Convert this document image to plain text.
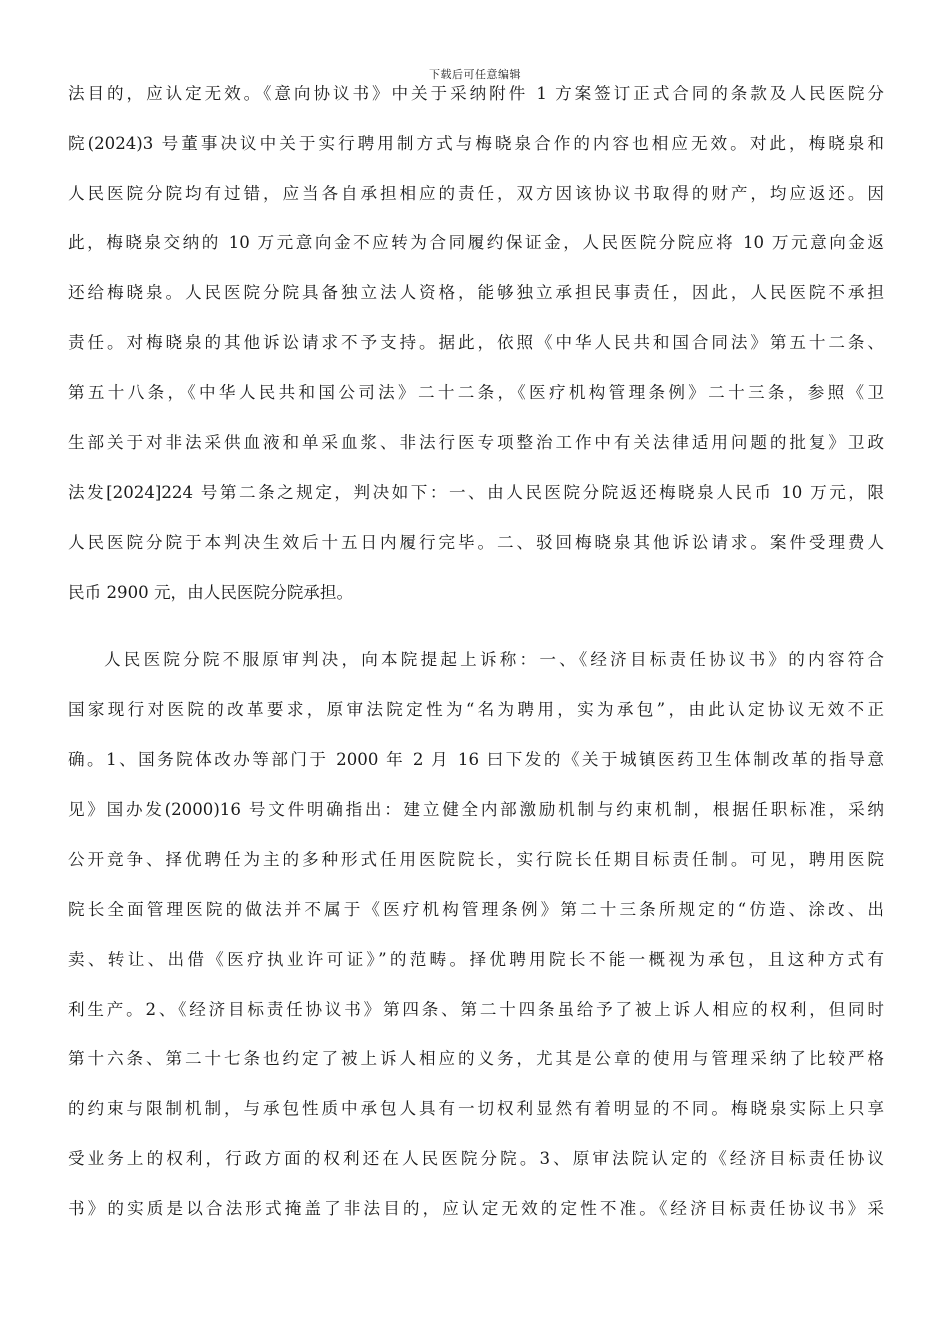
下载后可任意编辑
法目的，应认定无效。《意向协议书》中关于采纳附件 1 方案签订正式合同的条款及人民医院分
院(2024)3 号董事决议中关于实行聘用制方式与梅晓泉合作的内容也相应无效。对此，梅晓泉和
人民医院分院均有过错，应当各自承担相应的责任，双方因该协议书取得的财产，均应返还。因
此，梅晓泉交纳的 10 万元意向金不应转为合同履约保证金，人民医院分院应将 10 万元意向金返
还给梅晓泉。人民医院分院具备独立法人资格，能够独立承担民事责任，因此，人民医院不承担
责任。对梅晓泉的其他诉讼请求不予支持。据此，依照《中华人民共和国合同法》第五十二条、
第五十八条，《中华人民共和国公司法》二十二条，《医疗机构管理条例》二十三条，参照《卫
生部关于对非法采供血液和单采血浆、非法行医专项整治工作中有关法律适用问题的批复》卫政
法发[2024]224 号第二条之规定，判决如下：一、由人民医院分院返还梅晓泉人民币 10 万元，限
人民医院分院于本判决生效后十五日内履行完毕。二、驳回梅晓泉其他诉讼请求。案件受理费人
民币 2900 元，由人民医院分院承担。
人民医院分院不服原审判决，向本院提起上诉称：一、《经济目标责任协议书》的内容符合
国家现行对医院的改革要求，原审法院定性为“名为聘用，实为承包”，由此认定协议无效不正
确。1、国务院体改办等部门于 2000 年 2 月 16 曰下发的《关于城镇医药卫生体制改革的指导意
见》国办发(2000)16 号文件明确指出：建立健全内部激励机制与约束机制，根据任职标准，采纳
公开竞争、择优聘任为主的多种形式任用医院院长，实行院长任期目标责任制。可见，聘用医院
院长全面管理医院的做法并不属于《医疗机构管理条例》第二十三条所规定的“仿造、涂改、出
卖、转让、出借《医疗执业许可证》”的范畴。择优聘用院长不能一概视为承包，且这种方式有
利生产。2、《经济目标责任协议书》第四条、第二十四条虽给予了被上诉人相应的权利，但同时
第十六条、第二十七条也约定了被上诉人相应的义务，尤其是公章的使用与管理采纳了比较严格
的约束与限制机制，与承包性质中承包人具有一切权利显然有着明显的不同。梅晓泉实际上只享
受业务上的权利，行政方面的权利还在人民医院分院。3、原审法院认定的《经济目标责任协议
书》的实质是以合法形式掩盖了非法目的，应认定无效的定性不准。《经济目标责任协议书》采
